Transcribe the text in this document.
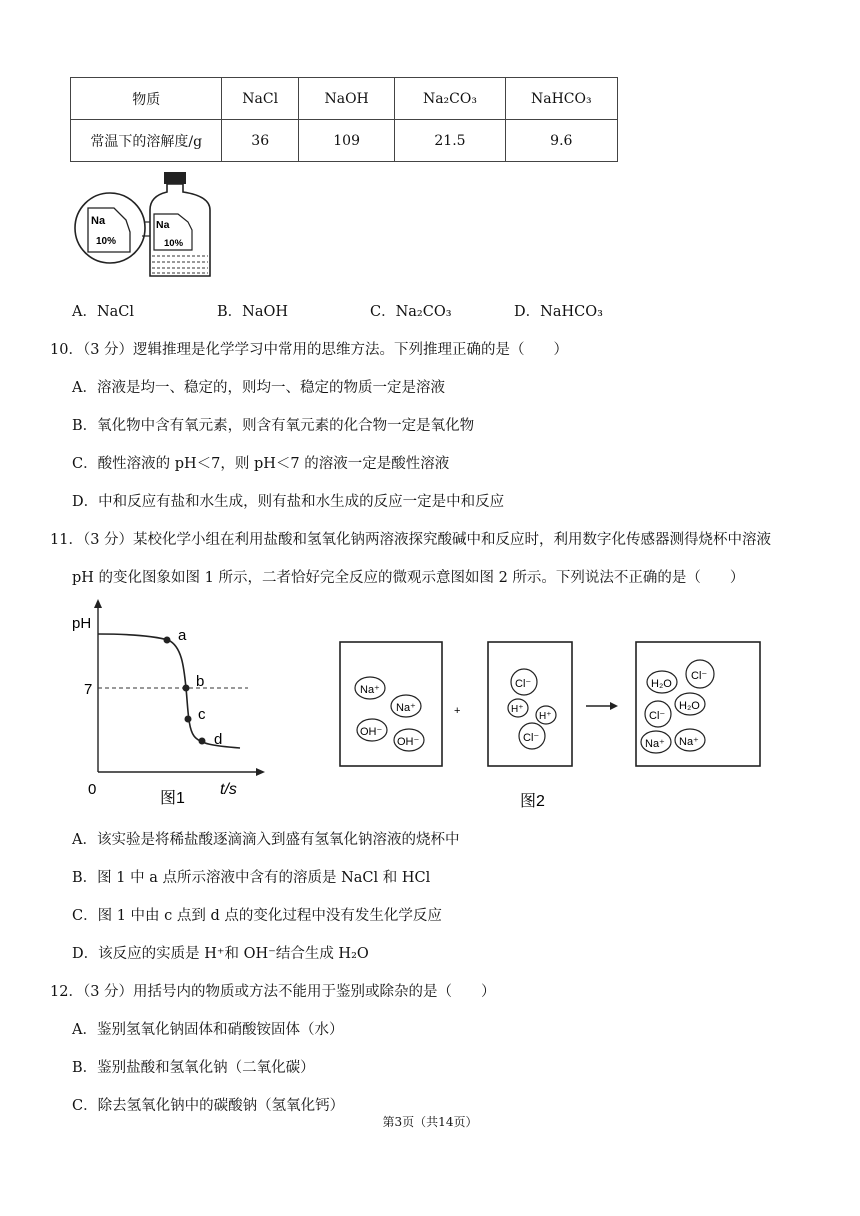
物质	NaCl	NaOH	Na₂CO₃	NaHCO₃
常温下的溶解度/g	36	109	21.5	9.6
Na
10%
Na
10%
A．NaCl	B．NaOH	C．Na₂CO₃	D．NaHCO₃
10．（3 分）逻辑推理是化学学习中常用的思维方法。下列推理正确的是（　　）
A．溶液是均一、稳定的，则均一、稳定的物质一定是溶液
B．氧化物中含有氧元素，则含有氧元素的化合物一定是氧化物
C．酸性溶液的 pH＜7，则 pH＜7 的溶液一定是酸性溶液
D．中和反应有盐和水生成，则有盐和水生成的反应一定是中和反应
11．（3 分）某校化学小组在利用盐酸和氢氧化钠两溶液探究酸碱中和反应时，利用数字化传感器测得烧杯中溶液
pH 的变化图象如图 1 所示，二者恰好完全反应的微观示意图如图 2 所示。下列说法不正确的是（　　）
pH
t/s
0
7
a
b
c
d
图1
Na⁺
Na⁺
OH⁻
OH⁻
+
Cl⁻
H⁺
H⁺
Cl⁻
H₂O
Cl⁻
Cl⁻
H₂O
Na⁺ Na⁺
图2
A．该实验是将稀盐酸逐滴滴入到盛有氢氧化钠溶液的烧杯中
B．图 1 中 a 点所示溶液中含有的溶质是 NaCl 和 HCl
C．图 1 中由 c 点到 d 点的变化过程中没有发生化学反应
D．该反应的实质是 H⁺和 OH⁻结合生成 H₂O
12．（3 分）用括号内的物质或方法不能用于鉴别或除杂的是（　　）
A．鉴别氢氧化钠固体和硝酸铵固体（水）
B．鉴别盐酸和氢氧化钠（二氧化碳）
C．除去氢氧化钠中的碳酸钠（氢氧化钙）
第3页（共14页）
